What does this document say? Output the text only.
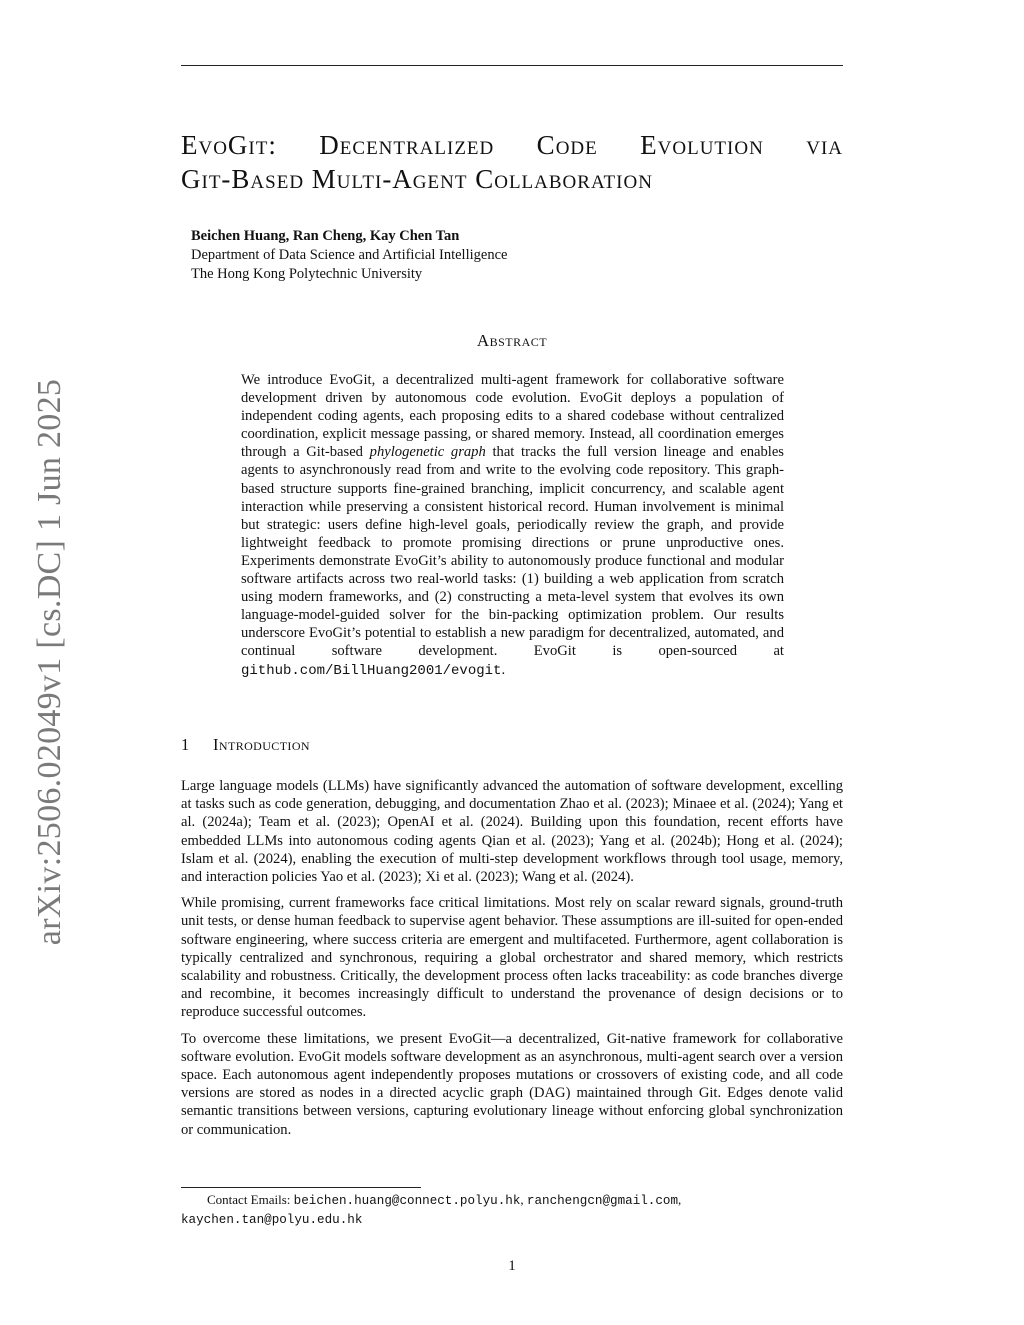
EvoGit: Decentralized Code Evolution via
Git-Based Multi-Agent Collaboration
Beichen Huang, Ran Cheng, Kay Chen Tan
Department of Data Science and Artificial Intelligence
The Hong Kong Polytechnic University
Abstract
We introduce EvoGit, a decentralized multi-agent framework for collaborative software development driven by autonomous code evolution. EvoGit deploys a population of independent coding agents, each proposing edits to a shared codebase without centralized coordination, explicit message passing, or shared memory. Instead, all coordination emerges through a Git-based phylogenetic graph that tracks the full version lineage and enables agents to asynchronously read from and write to the evolving code repository. This graph-based structure supports fine-grained branching, implicit concurrency, and scalable agent interaction while preserving a consistent historical record. Human involvement is minimal but strategic: users define high-level goals, periodically review the graph, and provide lightweight feedback to promote promising directions or prune unproductive ones. Experiments demonstrate EvoGit’s ability to autonomously produce functional and modular software artifacts across two real-world tasks: (1) building a web application from scratch using modern frameworks, and (2) constructing a meta-level system that evolves its own language-model-guided solver for the bin-packing optimization problem. Our results underscore EvoGit’s potential to establish a new paradigm for decentralized, automated, and continual software development. EvoGit is open-sourced at github.com/BillHuang2001/evogit.
1 Introduction

Large language models (LLMs) have significantly advanced the automation of software development, excelling at tasks such as code generation, debugging, and documentation Zhao et al. (2023); Minaee et al. (2024); Yang et al. (2024a); Team et al. (2023); OpenAI et al. (2024). Building upon this foundation, recent efforts have embedded LLMs into autonomous coding agents Qian et al. (2023); Yang et al. (2024b); Hong et al. (2024); Islam et al. (2024), enabling the execution of multi-step development workflows through tool usage, memory, and interaction policies Yao et al. (2023); Xi et al. (2023); Wang et al. (2024).

While promising, current frameworks face critical limitations. Most rely on scalar reward signals, ground-truth unit tests, or dense human feedback to supervise agent behavior. These assumptions are ill-suited for open-ended software engineering, where success criteria are emergent and multifaceted. Furthermore, agent collaboration is typically centralized and synchronous, requiring a global orchestrator and shared memory, which restricts scalability and robustness. Critically, the development process often lacks traceability: as code branches diverge and recombine, it becomes increasingly difficult to understand the provenance of design decisions or to reproduce successful outcomes.

To overcome these limitations, we present EvoGit—a decentralized, Git-native framework for collaborative software evolution. EvoGit models software development as an asynchronous, multi-agent search over a version space. Each autonomous agent independently proposes mutations or crossovers of existing code, and all code versions are stored as nodes in a directed acyclic graph (DAG) maintained through Git. Edges denote valid semantic transitions between versions, capturing evolutionary lineage without enforcing global synchronization or communication.

Contact Emails: beichen.huang@connect.polyu.hk, ranchengcn@gmail.com,
kaychen.tan@polyu.edu.hk
1
arXiv:2506.02049v1 [cs.DC] 1 Jun 2025
